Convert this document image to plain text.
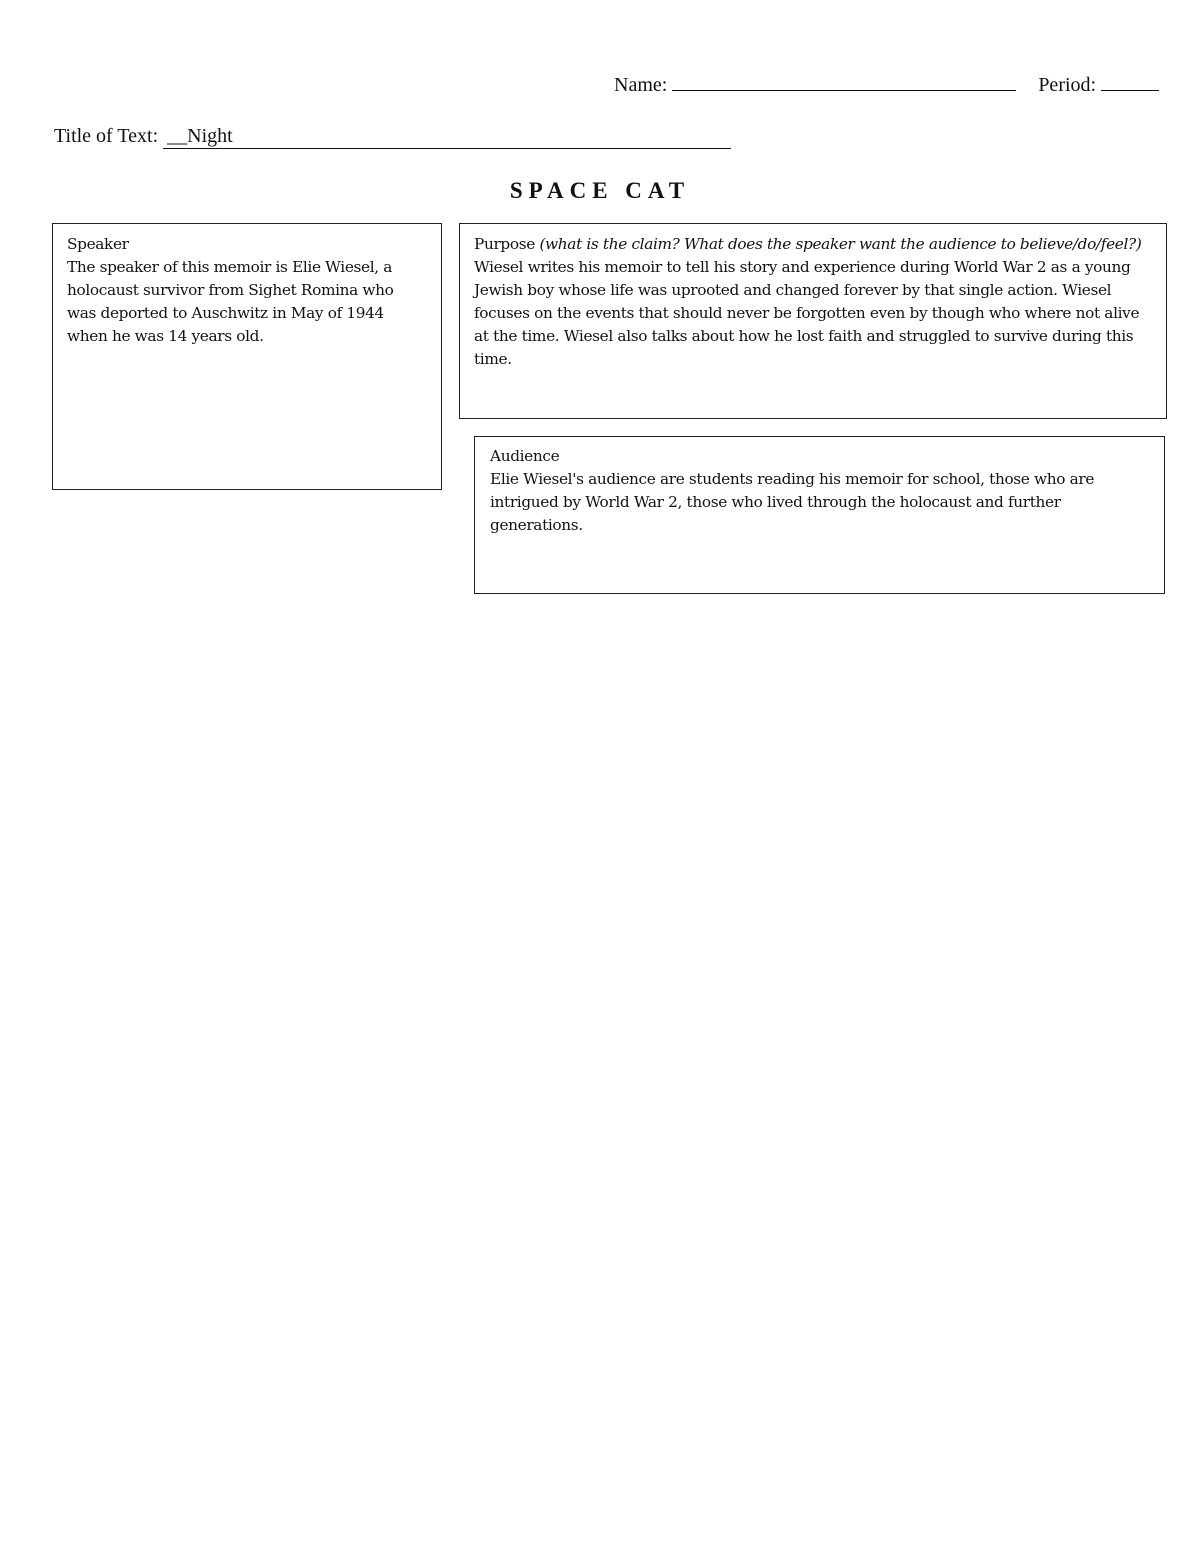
Name:	Period:
Title of Text: __Night
SPACE CAT

Speaker

The speaker of this memoir is Elie Wiesel, a holocaust survivor from Sighet Romina who was deported to Auschwitz in May of 1944 when he was 14 years old.

Purpose (what is the claim? What does the speaker want the audience to believe/do/feel?)

Wiesel writes his memoir to tell his story and experience during World War 2 as a young Jewish boy whose life was uprooted and changed forever by that single action. Wiesel focuses on the events that should never be forgotten even by though who where not alive at the time. Wiesel also talks about how he lost faith and struggled to survive during this time.

Audience

Elie Wiesel's audience are students reading his memoir for school, those who are intrigued by World War 2, those who lived through the holocaust and further generations.
